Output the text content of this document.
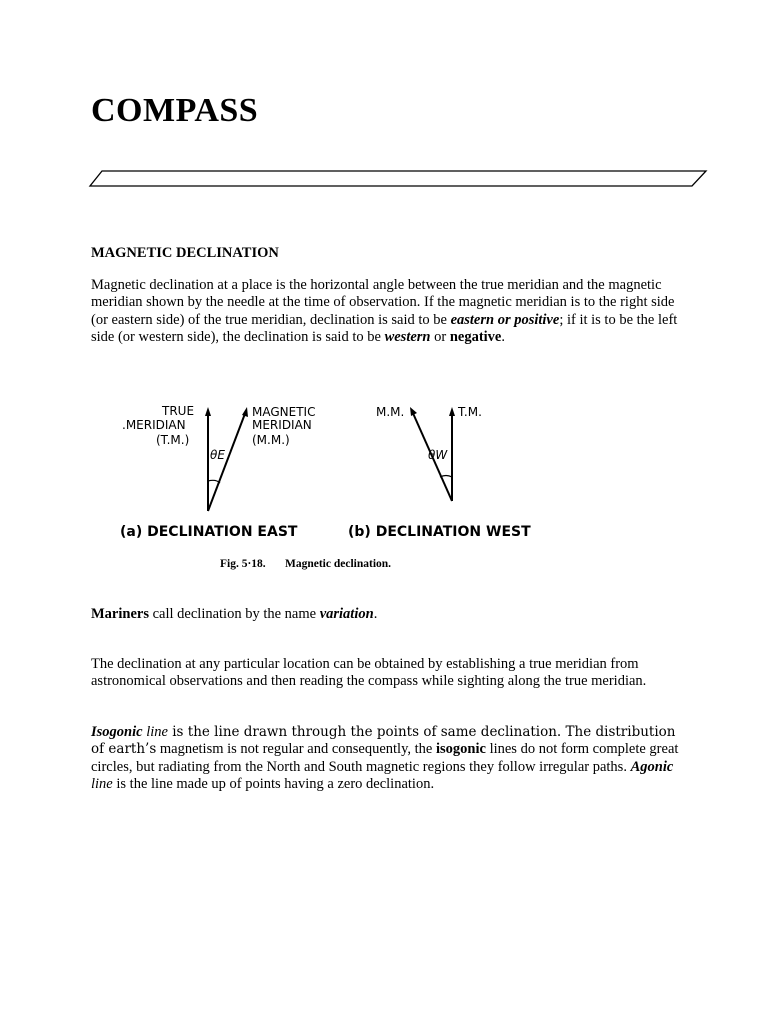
COMPASS
MAGNETIC DECLINATION

Magnetic declination at a place is the horizontal angle between the true meridian and the magnetic meridian shown by the needle at the time of observation. If the magnetic meridian is to the right side (or eastern side) of the true meridian, declination is said to be eastern or positive; if it is to be the left side (or western side), the declination is said to be western or negative.

TRUE
.MERIDIAN
(T.M.)
MAGNETIC
MERIDIAN
(M.M.)
θE
(a) DECLINATION EAST
M.M.	T.M.
θW
(b) DECLINATION WEST
Fig. 5·18. Magnetic declination.

Mariners call declination by the name variation.

The declination at any particular location can be obtained by establishing a true meridian from astronomical observations and then reading the compass while sighting along the true meridian.

Isogonic line is the line drawn through the points of same declination. The distribution of earth’s magnetism is not regular and consequently, the isogonic lines do not form complete great circles, but radiating from the North and South magnetic regions they follow irregular paths. Agonic line is the line made up of points having a zero declination.
